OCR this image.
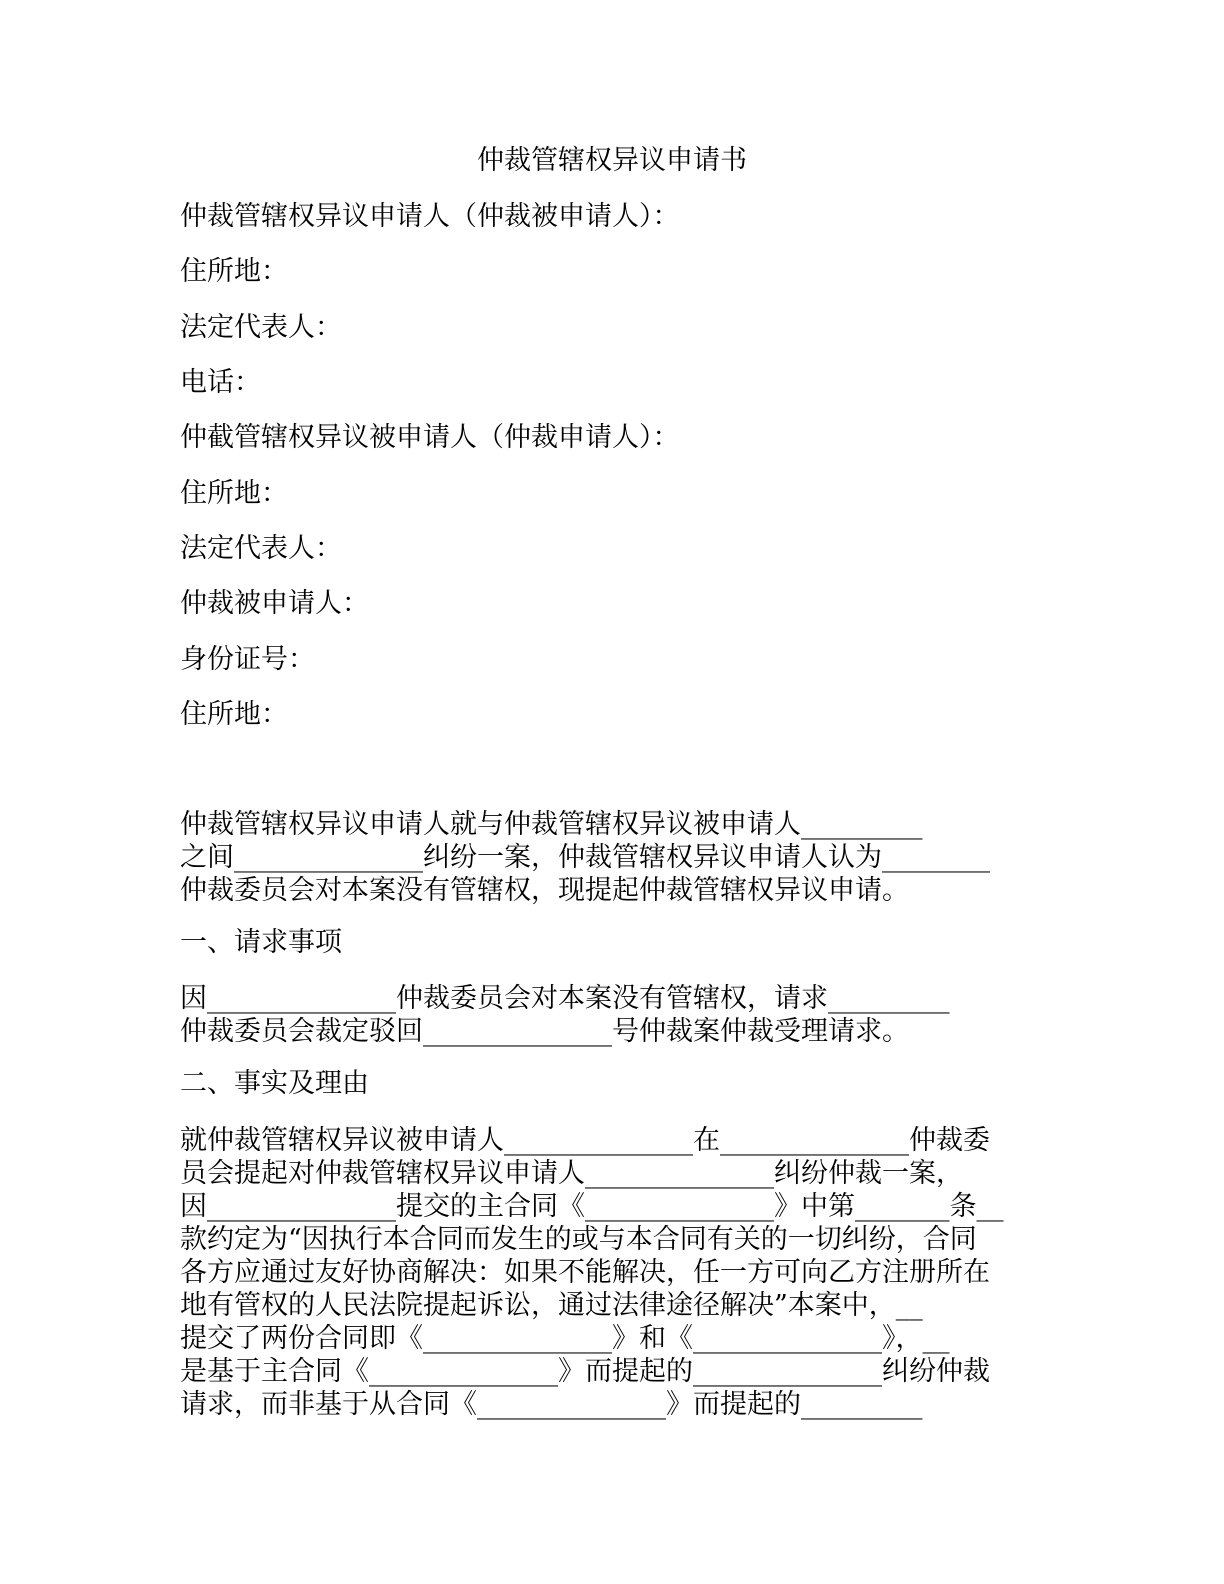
仲裁管辖权异议申请书
仲裁管辖权异议申请人（仲裁被申请人）：
住所地：
法定代表人：
电话：
仲截管辖权异议被申请人（仲裁申请人）：
住所地：
法定代表人：
仲裁被申请人：
身份证号：
住所地：
仲裁管辖权异议申请人就与仲裁管辖权异议被申请人_________
之间______________纠纷一案，仲裁管辖权异议申请人认为________
仲裁委员会对本案没有管辖权，现提起仲裁管辖权异议申请。
一、请求事项
因______________仲裁委员会对本案没有管辖权，请求_________
仲裁委员会裁定驳回______________号仲裁案仲裁受理请求。
二、事实及理由
就仲裁管辖权异议被申请人______________在______________仲裁委
员会提起对仲裁管辖权异议申请人______________纠纷仲裁一案，
因______________提交的主合同《______________》中第_______条__
款约定为“因执行本合同而发生的或与本合同有关的一切纠纷，合同
各方应通过友好协商解决：如果不能解决，任一方可向乙方注册所在
地有管权的人民法院提起诉讼，通过法律途径解决”本案中，__
提交了两份合同即《______________》和《______________》，__
是基于主合同《______________》而提起的______________纠纷仲裁
请求，而非基于从合同《______________》而提起的_________
